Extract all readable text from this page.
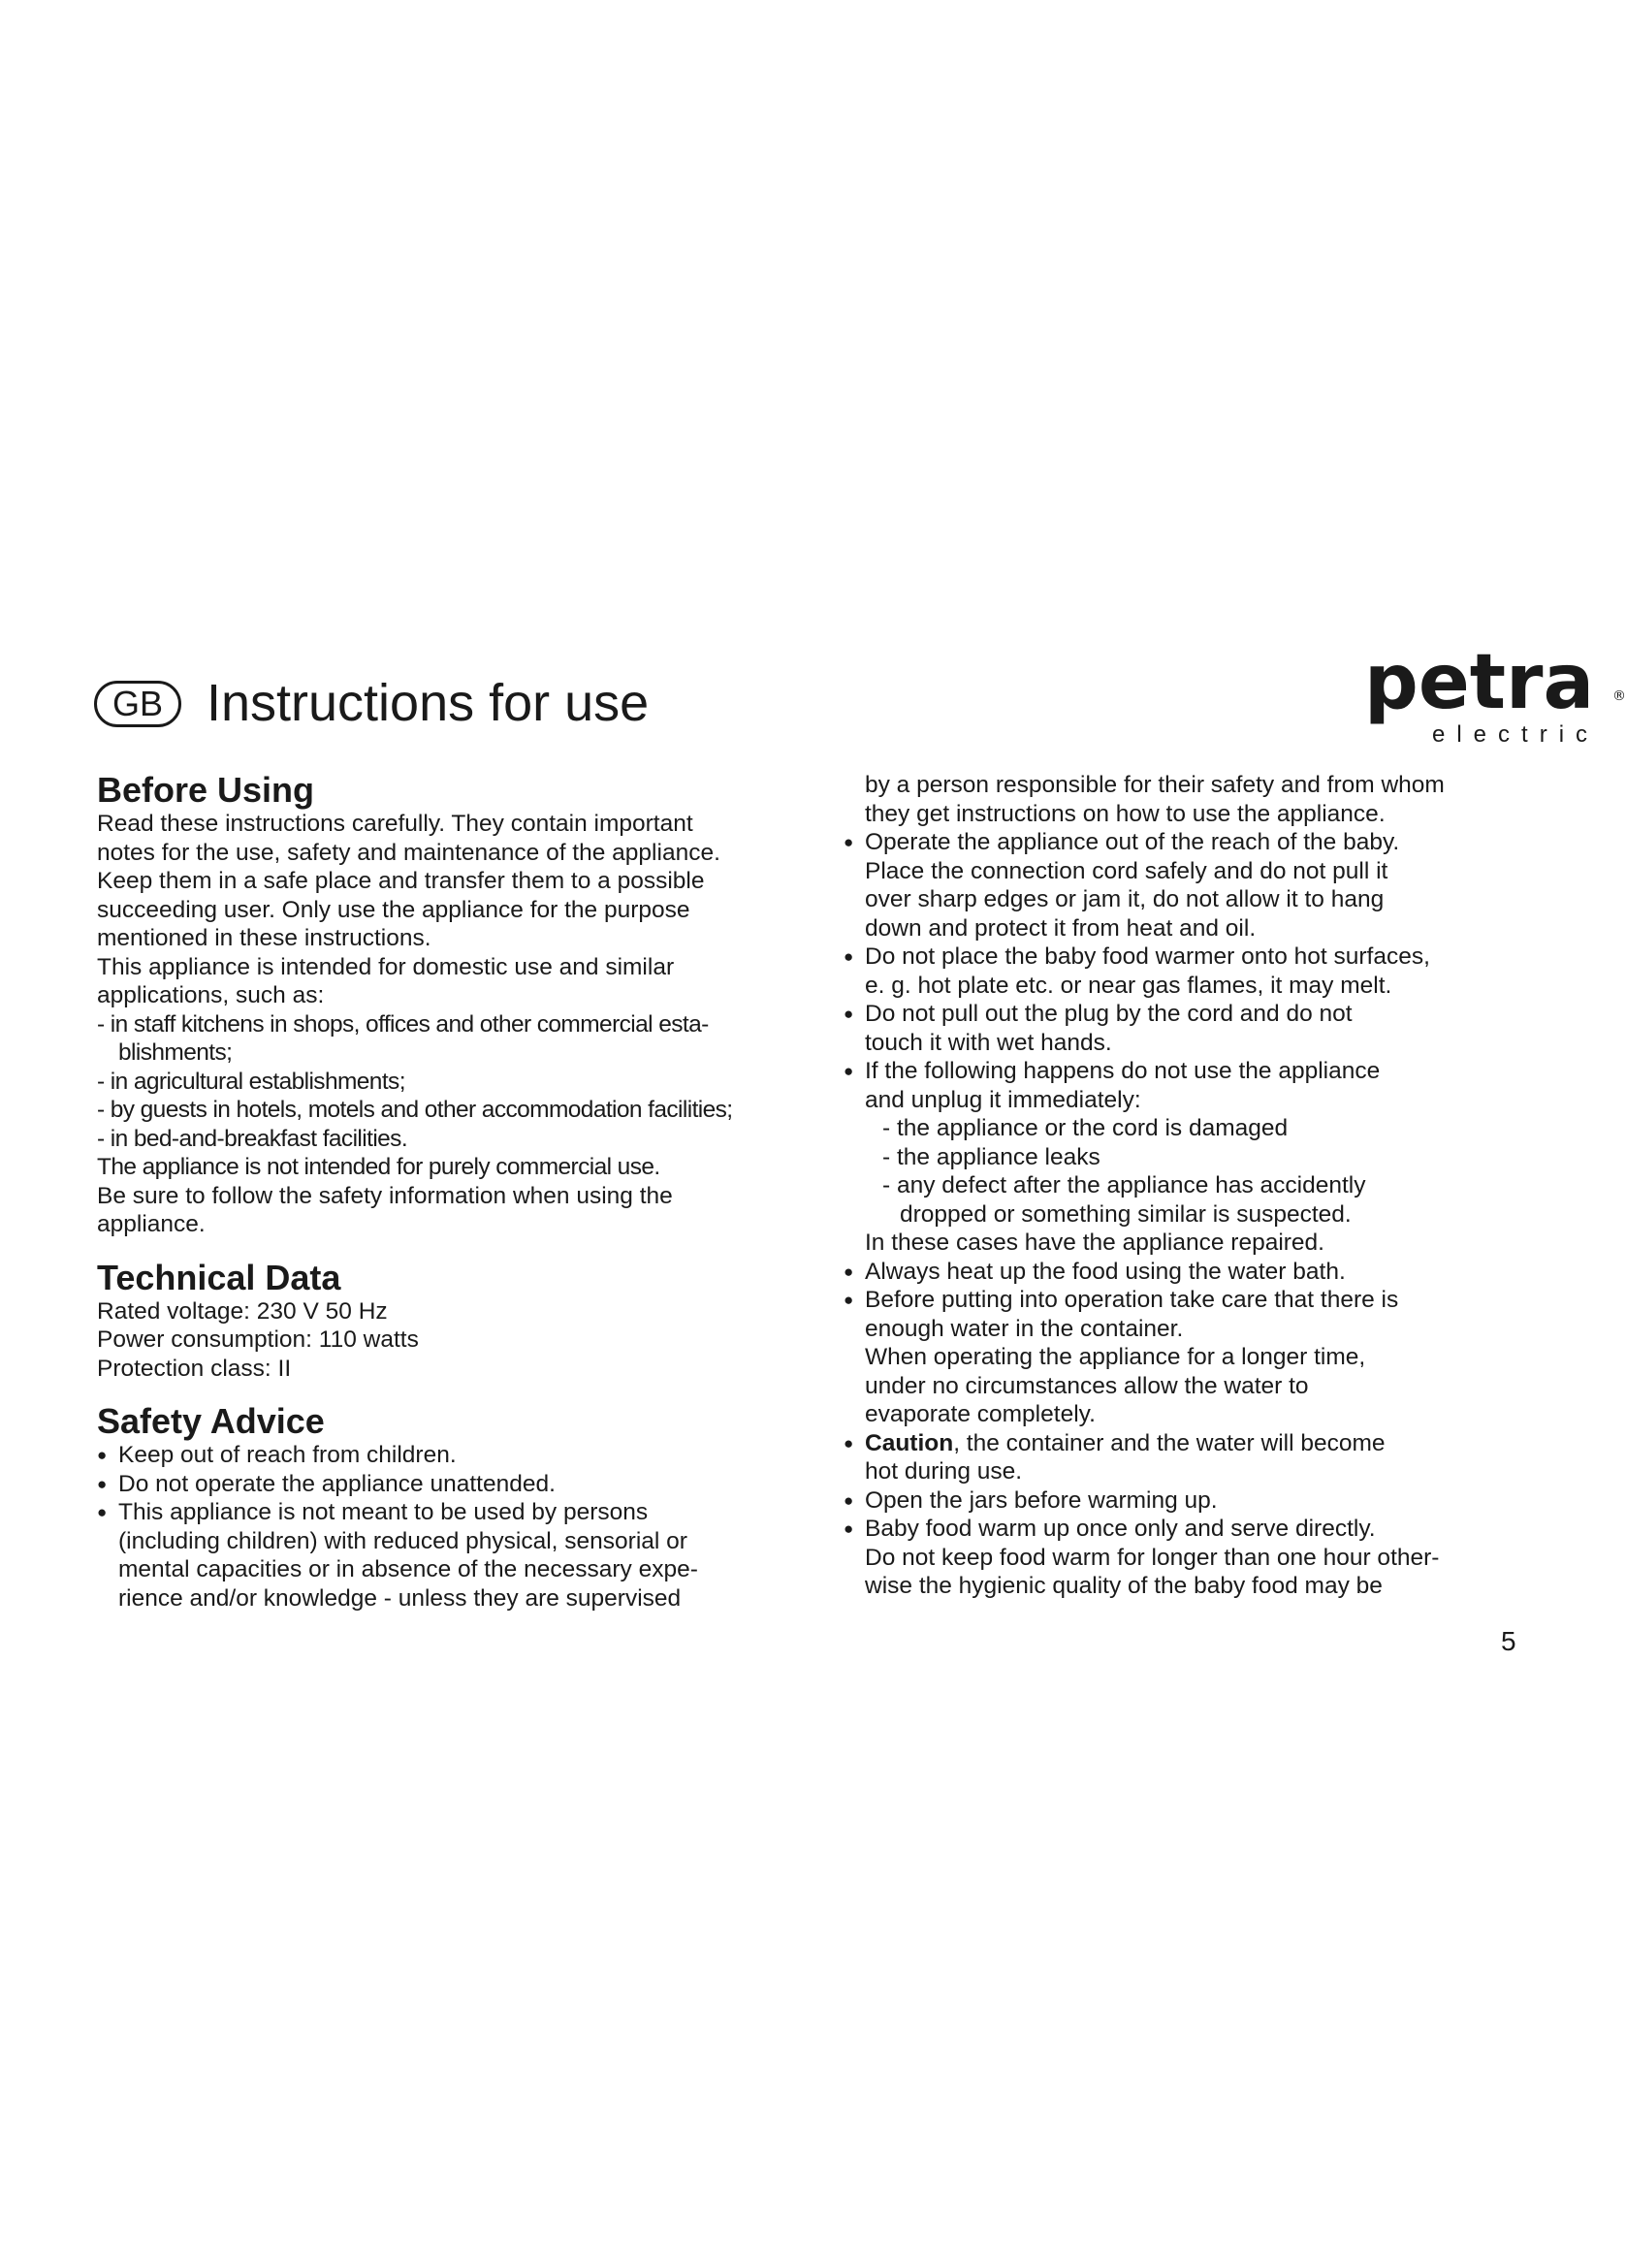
GB Instructions for use	petra ®
electric
Before Using

Read these instructions carefully. They contain important

notes for the use, safety and maintenance of the appliance.

Keep them in a safe place and transfer them to a possible

succeeding user. Only use the appliance for the purpose

mentioned in these instructions.

This appliance is intended for domestic use and similar

applications, such as:

- in staff kitchens in shops, offices and other commercial esta-

blishments;

- in agricultural establishments;

- by guests in hotels, motels and other accommodation facilities;

- in bed-and-breakfast facilities.

The appliance is not intended for purely commercial use.

Be sure to follow the safety information when using the

appliance.

Technical Data

Rated voltage: 230 V 50 Hz

Power consumption: 110 watts

Protection class: II

Safety Advice
● Keep out of reach from children.
● Do not operate the appliance unattended.

● This appliance is not meant to be used by persons

(including children) with reduced physical, sensorial or

mental capacities or in absence of the necessary expe-

rience and/or knowledge - unless they are supervised

by a person responsible for their safety and from whom

they get instructions on how to use the appliance.

● Operate the appliance out of the reach of the baby.

Place the connection cord safely and do not pull it

over sharp edges or jam it, do not allow it to hang

down and protect it from heat and oil.

● Do not place the baby food warmer onto hot surfaces,

e. g. hot plate etc. or near gas flames, it may melt.

● Do not pull out the plug by the cord and do not

touch it with wet hands.

● If the following happens do not use the appliance

and unplug it immediately:

- the appliance or the cord is damaged

- the appliance leaks

- any defect after the appliance has accidently

dropped or something similar is suspected.

In these cases have the appliance repaired.

● Always heat up the food using the water bath.

● Before putting into operation take care that there is

enough water in the container.

When operating the appliance for a longer time,

under no circumstances allow the water to

evaporate completely.

● Caution, the container and the water will become

hot during use.

● Open the jars before warming up.

● Baby food warm up once only and serve directly.

Do not keep food warm for longer than one hour other-

wise the hygienic quality of the baby food may be

5
